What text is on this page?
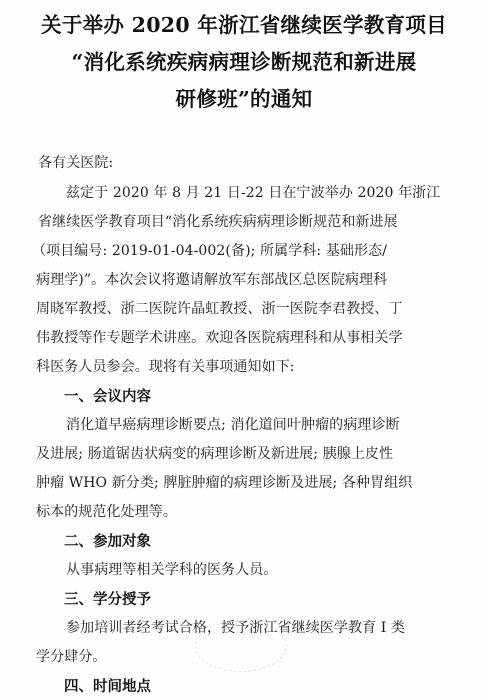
关于举办 2020 年浙江省继续医学教育项目
“消化系统疾病病理诊断规范和新进展
研修班”的通知
各有关医院:
兹定于 2020 年 8 月 21 日-22 日在宁波举办 2020 年浙江
省继续医学教育项目“消化系统疾病病理诊断规范和新进展
（项目编号: 2019-01-04-002(备); 所属学科: 基础形态/
病理学)”。本次会议将邀请解放军东部战区总医院病理科
周晓军教授、浙二医院许晶虹教授、浙一医院李君教授、丁
伟教授等作专题学术讲座。欢迎各医院病理科和从事相关学
科医务人员参会。现将有关事项通知如下:
一、会议内容
消化道早癌病理诊断要点; 消化道间叶肿瘤的病理诊断
及进展; 肠道锯齿状病变的病理诊断及新进展; 胰腺上皮性
肿瘤 WHO 新分类; 脾脏肿瘤的病理诊断及进展; 各种胃组织
标本的规范化处理等。
二、参加对象
从事病理等相关学科的医务人员。
三、学分授予
参加培训者经考试合格，授予浙江省继续医学教育 I 类
学分肆分。
四、时间地点
